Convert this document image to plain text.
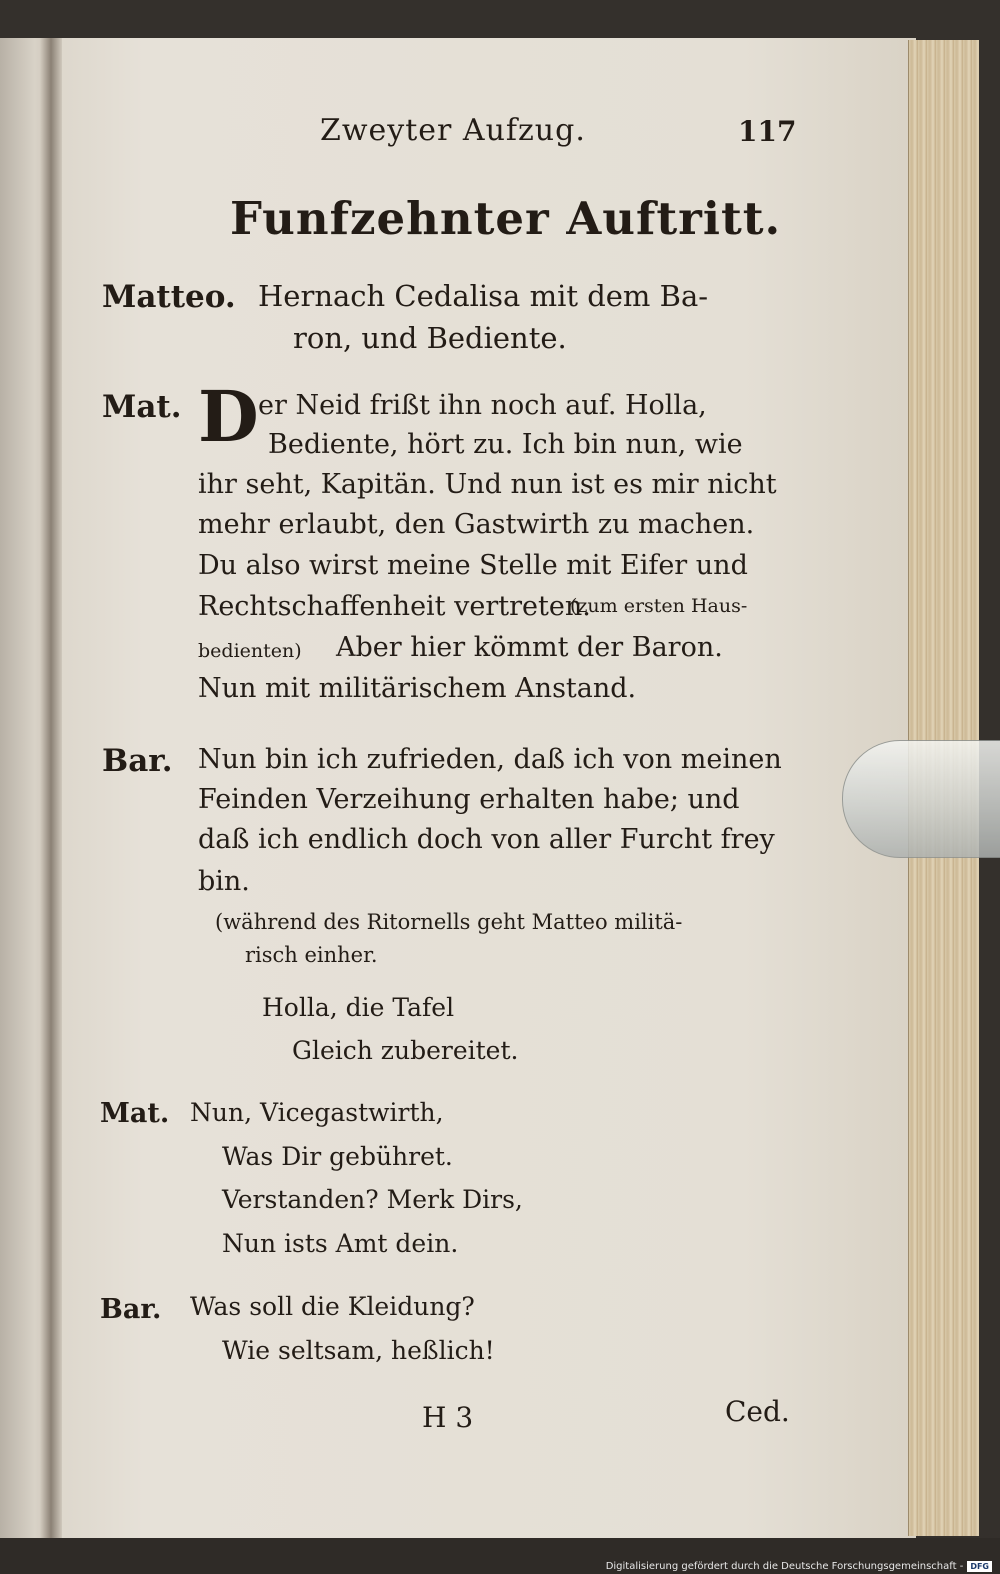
Zweyter Aufzug.	117
Funfzehnter Auftritt.
Matteo. Hernach Cedalisa mit dem Ba-
ron, und Bediente.
Mat. D er Neid frißt ihn noch auf. Holla,
Bediente, hört zu. Ich bin nun, wie
ihr seht, Kapitän. Und nun ist es mir nicht
mehr erlaubt, den Gastwirth zu machen.
Du also wirst meine Stelle mit Eifer und
Rechtschaffenheit vertreten.
(zum ersten Haus-
bedienten) Aber hier kömmt der Baron.
Nun mit militärischem Anstand.
Bar. Nun bin ich zufrieden, daß ich von meinen
Feinden Verzeihung erhalten habe; und
daß ich endlich doch von aller Furcht frey
bin.
(während des Ritornells geht Matteo militä-
risch einher.
Holla, die Tafel
Gleich zubereitet.
Mat. Nun, Vicegastwirth,
Was Dir gebühret.
Verstanden? Merk Dirs,
Nun ists Amt dein.
Bar. Was soll die Kleidung?
Wie seltsam, heßlich!
H 3	Ced.
Digitalisierung gefördert durch die Deutsche Forschungsgemeinschaft - DFG
